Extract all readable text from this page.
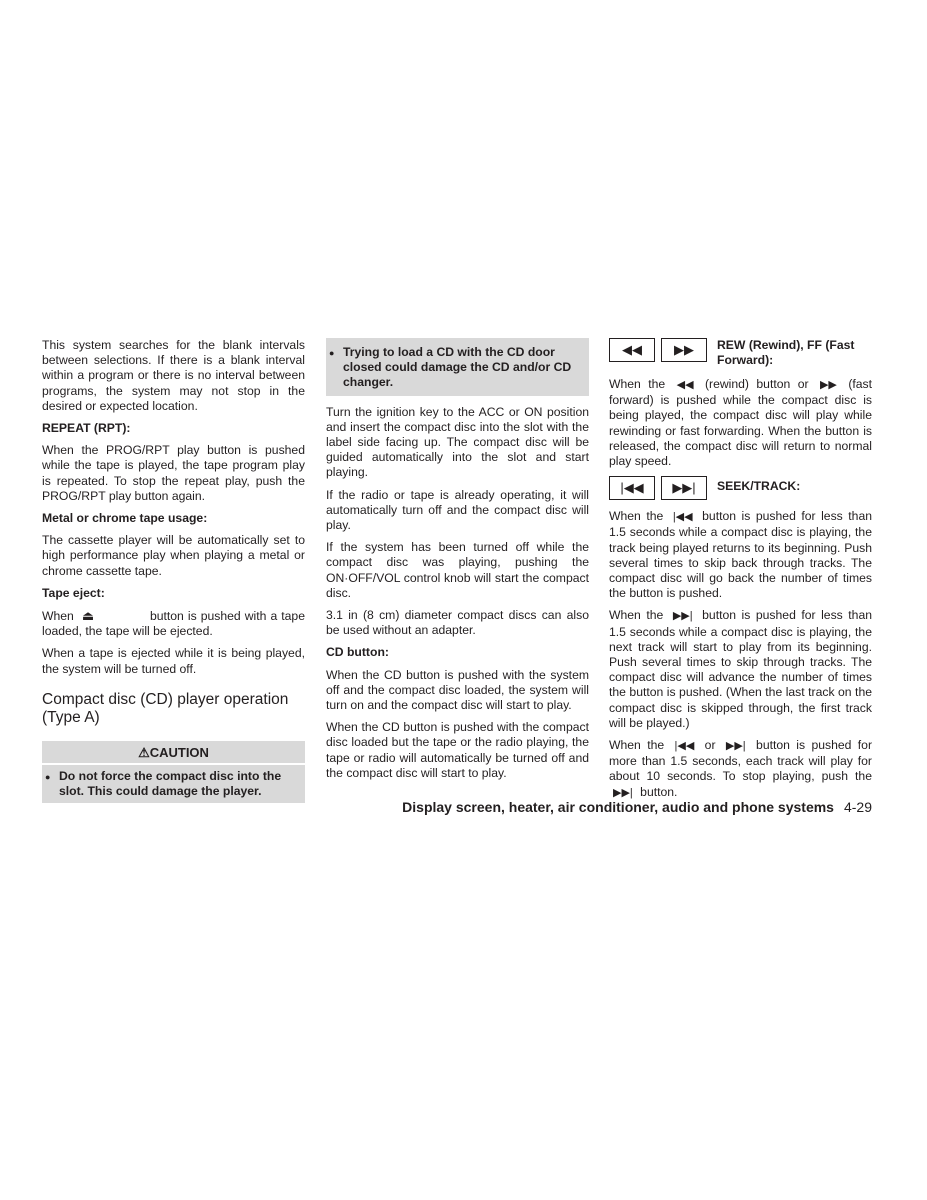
This system searches for the blank intervals between selections. If there is a blank interval within a program or there is no interval between programs, the system may not stop in the desired or expected location.

REPEAT (RPT):

When the PROG/RPT play button is pushed while the tape is played, the tape program play is repeated. To stop the repeat play, push the PROG/RPT play button again.

Metal or chrome tape usage:

The cassette player will be automatically set to high performance play when playing a metal or chrome cassette tape.

Tape eject:

When ⏏	button is pushed with a tape loaded, the tape will be ejected.

When a tape is ejected while it is being played, the system will be turned off.

Compact disc (CD) player operation (Type A)
⚠CAUTION
● Do not force the compact disc into the slot. This could damage the player.
● Trying to load a CD with the CD door closed could damage the CD and/or CD changer.

Turn the ignition key to the ACC or ON position and insert the compact disc into the slot with the label side facing up. The compact disc will be guided automatically into the slot and start playing.

If the radio or tape is already operating, it will automatically turn off and the compact disc will play.

If the system has been turned off while the compact disc was playing, pushing the ON·OFF/VOL control knob will start the compact disc.

3.1 in (8 cm) diameter compact discs can also be used without an adapter.

CD button:

When the CD button is pushed with the system off and the compact disc loaded, the system will turn on and the compact disc will start to play.

When the CD button is pushed with the compact disc loaded but the tape or the radio playing, the tape or radio will automatically be turned off and the compact disc will start to play.

◀◀	▶▶	REW (Rewind), FF (Fast Forward):

When the ◀◀ (rewind) button or ▶▶ (fast forward) is pushed while the compact disc is being played, the compact disc will play while rewinding or fast forwarding. When the button is released, the compact disc will return to normal play speed.

|◀◀	▶▶|	SEEK/TRACK:

When the |◀◀ button is pushed for less than 1.5 seconds while a compact disc is playing, the track being played returns to its beginning. Push several times to skip back through tracks. The compact disc will go back the number of times the button is pushed.

When the ▶▶| button is pushed for less than 1.5 seconds while a compact disc is playing, the next track will start to play from its beginning. Push several times to skip through tracks. The compact disc will advance the number of times the button is pushed. (When the last track on the compact disc is skipped through, the first track will be played.)

When the |◀◀ or ▶▶| button is pushed for more than 1.5 seconds, each track will play for about 10 seconds. To stop playing, push the ▶▶| button.

Display screen, heater, air conditioner, audio and phone systems 4-29
